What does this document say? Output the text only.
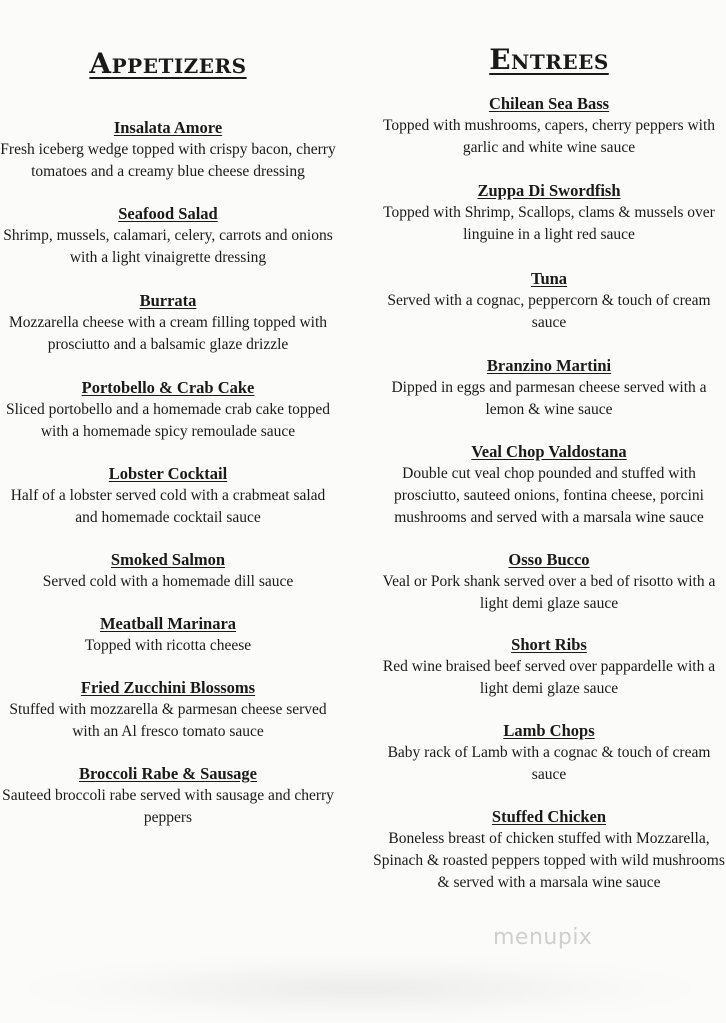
Appetizers
Insalata Amore
Fresh iceberg wedge topped with crispy bacon, cherry tomatoes and a creamy blue cheese dressing
Seafood Salad
Shrimp, mussels, calamari, celery, carrots and onions with a light vinaigrette dressing
Burrata
Mozzarella cheese with a cream filling topped with prosciutto and a balsamic glaze drizzle
Portobello & Crab Cake
Sliced portobello and a homemade crab cake topped with a homemade spicy remoulade sauce
Lobster Cocktail
Half of a lobster served cold with a crabmeat salad and homemade cocktail sauce
Smoked Salmon
Served cold with a homemade dill sauce
Meatball Marinara
Topped with ricotta cheese
Fried Zucchini Blossoms
Stuffed with mozzarella & parmesan cheese served with an Al fresco tomato sauce
Broccoli Rabe & Sausage
Sauteed broccoli rabe served with sausage and cherry peppers
Entrees
Chilean Sea Bass
Topped with mushrooms, capers, cherry peppers with garlic and white wine sauce
Zuppa Di Swordfish
Topped with Shrimp, Scallops, clams & mussels over linguine in a light red sauce
Tuna
Served with a cognac, peppercorn & touch of cream sauce
Branzino Martini
Dipped in eggs and parmesan cheese served with a lemon & wine sauce
Veal Chop Valdostana
Double cut veal chop pounded and stuffed with prosciutto, sauteed onions, fontina cheese, porcini mushrooms and served with a marsala wine sauce
Osso Bucco
Veal or Pork shank served over a bed of risotto with a light demi glaze sauce
Short Ribs
Red wine braised beef served over pappardelle with a light demi glaze sauce
Lamb Chops
Baby rack of Lamb with a cognac & touch of cream sauce
Stuffed Chicken
Boneless breast of chicken stuffed with Mozzarella, Spinach & roasted peppers topped with wild mushrooms & served with a marsala wine sauce
menupix
